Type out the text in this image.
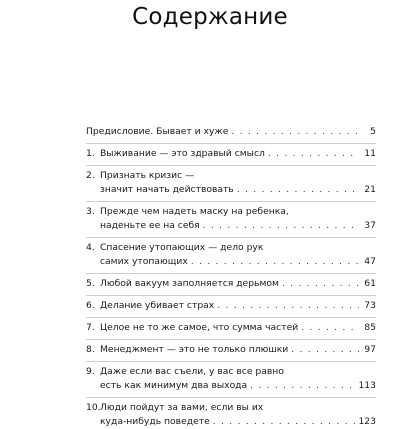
Содержание
Предисловие. Бывает и хуже . . .	5
1. Выживание — это здравый смысл . . .	11
2. Признать кризис —
значит начать действовать . . .	21
3. Прежде чем надеть маску на ребенка,
наденьте ее на себя . . .	37
4. Спасение утопающих — дело рук
самих утопающих . . .	47
5. Любой вакуум заполняется дерьмом . . .	61
6. Делание убивает страх . . .	73
7. Целое не то же самое, что сумма частей . . .	85
8. Менеджмент — это не только плюшки . . .	97
9. Даже если вас съели, у вас все равно
есть как минимум два выхода . . .	113
10. Люди пойдут за вами, если вы их
куда-нибудь поведете . . .	123
